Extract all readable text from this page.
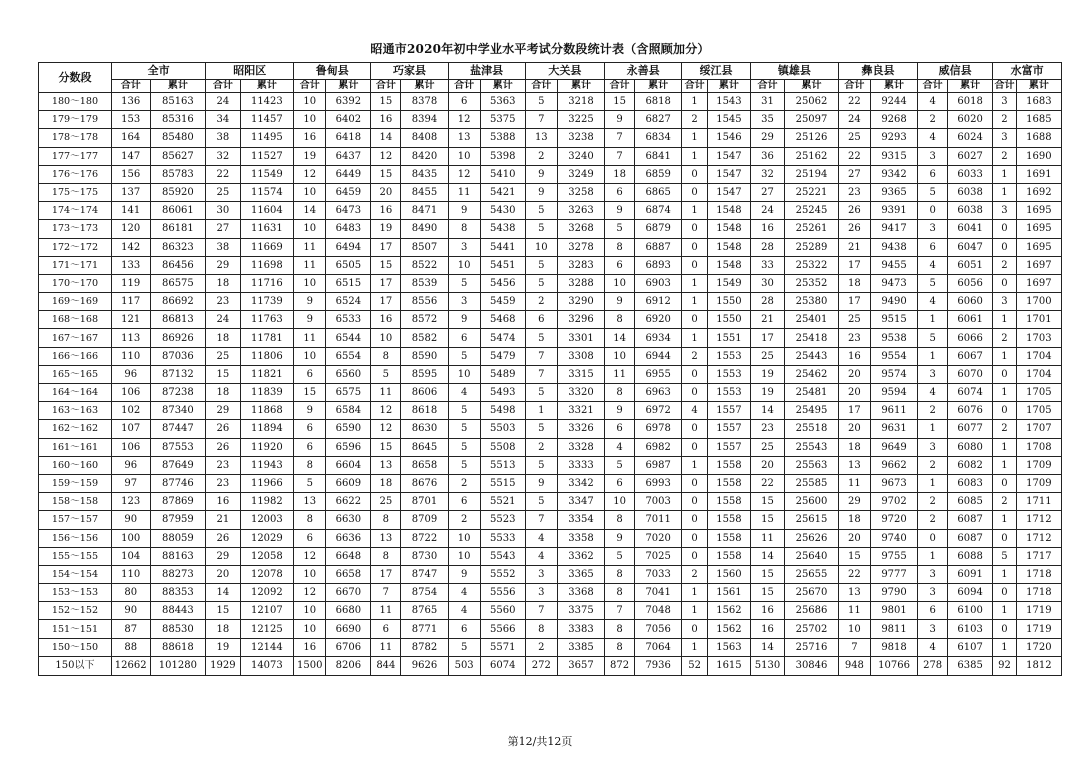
昭通市2020年初中学业水平考试分数段统计表（含照顾加分）
分数段	全市		昭阳区		鲁甸县		巧家县		盐津县		大关县		永善县		绥江县		镇雄县		彝良县		威信县		水富市	
	合计	累计	合计	累计	合计	累计	合计	累计	合计	累计	合计	累计	合计	累计	合计	累计	合计	累计	合计	累计	合计	累计	合计	累计
180～180	136	85163	24	11423	10	6392	15	8378	6	5363	5	3218	15	6818	1	1543	31	25062	22	9244	4	6018	3	1683
179～179	153	85316	34	11457	10	6402	16	8394	12	5375	7	3225	9	6827	2	1545	35	25097	24	9268	2	6020	2	1685
178～178	164	85480	38	11495	16	6418	14	8408	13	5388	13	3238	7	6834	1	1546	29	25126	25	9293	4	6024	3	1688
177～177	147	85627	32	11527	19	6437	12	8420	10	5398	2	3240	7	6841	1	1547	36	25162	22	9315	3	6027	2	1690
176～176	156	85783	22	11549	12	6449	15	8435	12	5410	9	3249	18	6859	0	1547	32	25194	27	9342	6	6033	1	1691
175～175	137	85920	25	11574	10	6459	20	8455	11	5421	9	3258	6	6865	0	1547	27	25221	23	9365	5	6038	1	1692
174～174	141	86061	30	11604	14	6473	16	8471	9	5430	5	3263	9	6874	1	1548	24	25245	26	9391	0	6038	3	1695
173～173	120	86181	27	11631	10	6483	19	8490	8	5438	5	3268	5	6879	0	1548	16	25261	26	9417	3	6041	0	1695
172～172	142	86323	38	11669	11	6494	17	8507	3	5441	10	3278	8	6887	0	1548	28	25289	21	9438	6	6047	0	1695
171～171	133	86456	29	11698	11	6505	15	8522	10	5451	5	3283	6	6893	0	1548	33	25322	17	9455	4	6051	2	1697
170～170	119	86575	18	11716	10	6515	17	8539	5	5456	5	3288	10	6903	1	1549	30	25352	18	9473	5	6056	0	1697
169～169	117	86692	23	11739	9	6524	17	8556	3	5459	2	3290	9	6912	1	1550	28	25380	17	9490	4	6060	3	1700
168～168	121	86813	24	11763	9	6533	16	8572	9	5468	6	3296	8	6920	0	1550	21	25401	25	9515	1	6061	1	1701
167～167	113	86926	18	11781	11	6544	10	8582	6	5474	5	3301	14	6934	1	1551	17	25418	23	9538	5	6066	2	1703
166～166	110	87036	25	11806	10	6554	8	8590	5	5479	7	3308	10	6944	2	1553	25	25443	16	9554	1	6067	1	1704
165～165	96	87132	15	11821	6	6560	5	8595	10	5489	7	3315	11	6955	0	1553	19	25462	20	9574	3	6070	0	1704
164～164	106	87238	18	11839	15	6575	11	8606	4	5493	5	3320	8	6963	0	1553	19	25481	20	9594	4	6074	1	1705
163～163	102	87340	29	11868	9	6584	12	8618	5	5498	1	3321	9	6972	4	1557	14	25495	17	9611	2	6076	0	1705
162～162	107	87447	26	11894	6	6590	12	8630	5	5503	5	3326	6	6978	0	1557	23	25518	20	9631	1	6077	2	1707
161～161	106	87553	26	11920	6	6596	15	8645	5	5508	2	3328	4	6982	0	1557	25	25543	18	9649	3	6080	1	1708
160～160	96	87649	23	11943	8	6604	13	8658	5	5513	5	3333	5	6987	1	1558	20	25563	13	9662	2	6082	1	1709
159～159	97	87746	23	11966	5	6609	18	8676	2	5515	9	3342	6	6993	0	1558	22	25585	11	9673	1	6083	0	1709
158～158	123	87869	16	11982	13	6622	25	8701	6	5521	5	3347	10	7003	0	1558	15	25600	29	9702	2	6085	2	1711
157～157	90	87959	21	12003	8	6630	8	8709	2	5523	7	3354	8	7011	0	1558	15	25615	18	9720	2	6087	1	1712
156～156	100	88059	26	12029	6	6636	13	8722	10	5533	4	3358	9	7020	0	1558	11	25626	20	9740	0	6087	0	1712
155～155	104	88163	29	12058	12	6648	8	8730	10	5543	4	3362	5	7025	0	1558	14	25640	15	9755	1	6088	5	1717
154～154	110	88273	20	12078	10	6658	17	8747	9	5552	3	3365	8	7033	2	1560	15	25655	22	9777	3	6091	1	1718
153～153	80	88353	14	12092	12	6670	7	8754	4	5556	3	3368	8	7041	1	1561	15	25670	13	9790	3	6094	0	1718
152～152	90	88443	15	12107	10	6680	11	8765	4	5560	7	3375	7	7048	1	1562	16	25686	11	9801	6	6100	1	1719
151～151	87	88530	18	12125	10	6690	6	8771	6	5566	8	3383	8	7056	0	1562	16	25702	10	9811	3	6103	0	1719
150～150	88	88618	19	12144	16	6706	11	8782	5	5571	2	3385	8	7064	1	1563	14	25716	7	9818	4	6107	1	1720
150以下	12662	101280	1929	14073	1500	8206	844	9626	503	6074	272	3657	872	7936	52	1615	5130	30846	948	10766	278	6385	92	1812
第12/共12页
